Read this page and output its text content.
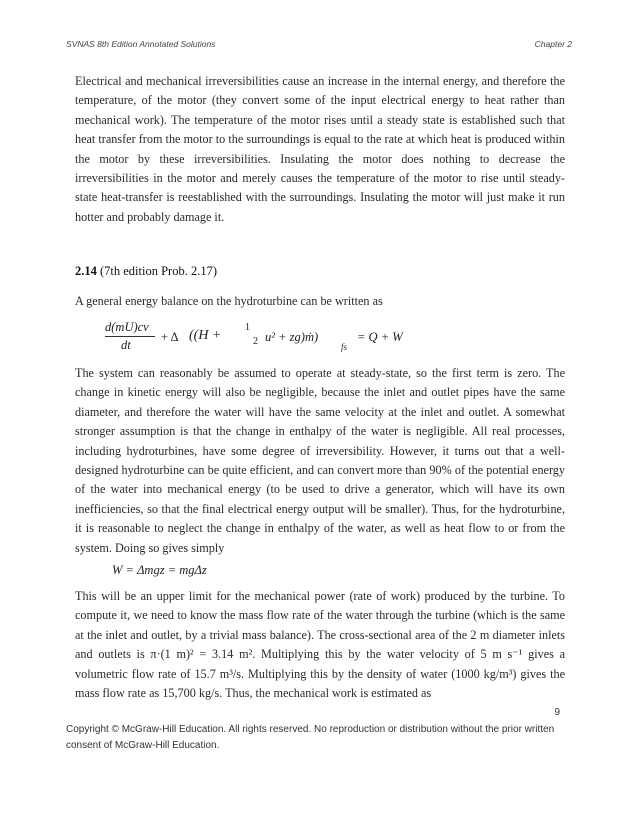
SVNAS 8th Edition Annotated Solutions	Chapter 2

Electrical and mechanical irreversibilities cause an increase in the internal energy, and therefore the temperature, of the motor (they convert some of the input electrical energy to heat rather than mechanical work). The temperature of the motor rises until a steady state is established such that heat transfer from the motor to the surroundings is equal to the rate at which heat is produced within the motor by these irreversibilities. Insulating the motor does nothing to decrease the irreversibilities in the motor and merely causes the temperature of the motor to rise until steady-state heat-transfer is reestablished with the surroundings. Insulating the motor will just make it run hotter and probably damage it.

2.14 (7th edition Prob. 2.17)

A general energy balance on the hydroturbine can be written as

d(mU)cv
dt
+ Δ ((H +
1
2 u² + zg)ṁ)
fs
= Q + W

The system can reasonably be assumed to operate at steady-state, so the first term is zero. The change in kinetic energy will also be negligible, because the inlet and outlet pipes have the same diameter, and therefore the water will have the same velocity at the inlet and outlet. A somewhat stronger assumption is that the change in enthalpy of the water is negligible. All real processes, including hydroturbines, have some degree of irreversibility. However, it turns out that a well-designed hydroturbine can be quite efficient, and can convert more than 90% of the potential energy of the water into mechanical energy (to be used to drive a generator, which will have its own inefficiencies, so that the final electrical energy output will be smaller). Thus, for the hydroturbine, it is reasonable to neglect the change in enthalpy of the water, as well as heat flow to or from the system. Doing so gives simply

W = Δmgz = mgΔz

This will be an upper limit for the mechanical power (rate of work) produced by the turbine. To compute it, we need to know the mass flow rate of the water through the turbine (which is the same at the inlet and outlet, by a trivial mass balance). The cross-sectional area of the 2 m diameter inlets and outlets is π·(1 m)² = 3.14 m². Multiplying this by the water velocity of 5 m s⁻¹ gives a volumetric flow rate of 15.7 m³/s. Multiplying this by the density of water (1000 kg/m³) gives the mass flow rate as 15,700 kg/s. Thus, the mechanical work is estimated as

9
Copyright © McGraw-Hill Education. All rights reserved. No reproduction or distribution without the prior written consent of McGraw-Hill Education.
